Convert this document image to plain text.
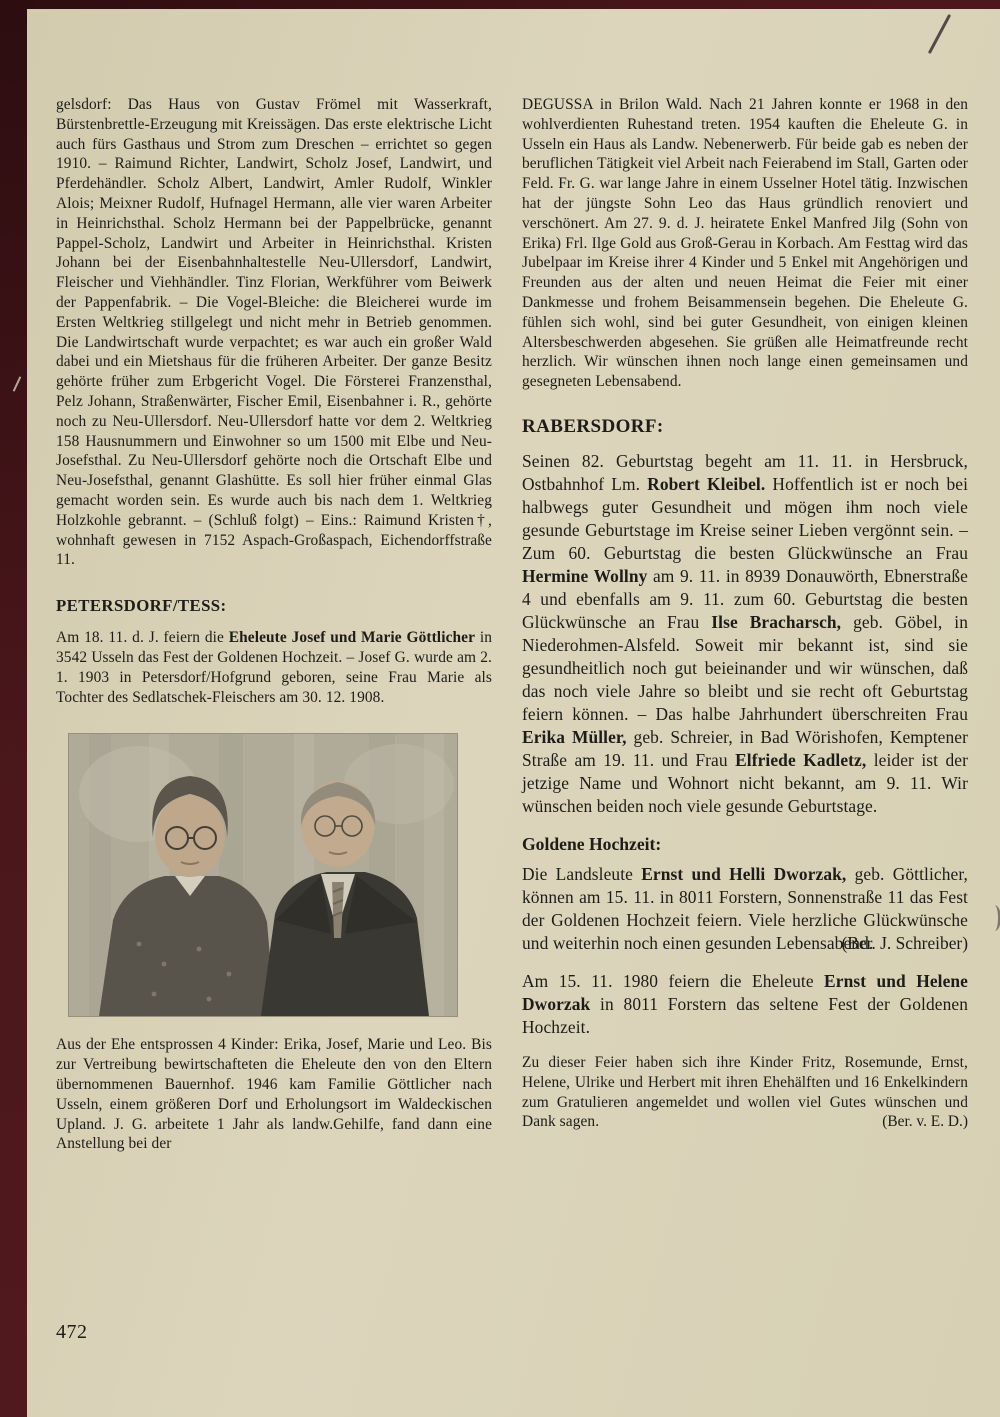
gelsdorf: Das Haus von Gustav Frömel mit Wasserkraft, Bürstenbrettle-Erzeugung mit Kreissägen. Das erste elektrische Licht auch fürs Gasthaus und Strom zum Dreschen – errichtet so gegen 1910. – Raimund Richter, Landwirt, Scholz Josef, Landwirt, und Pferdehändler. Scholz Albert, Landwirt, Amler Rudolf, Winkler Alois; Meixner Rudolf, Hufnagel Hermann, alle vier waren Arbeiter in Heinrichsthal. Scholz Hermann bei der Pappelbrücke, genannt Pappel-Scholz, Landwirt und Arbeiter in Heinrichsthal. Kristen Johann bei der Eisenbahnhaltestelle Neu-Ullersdorf, Landwirt, Fleischer und Viehhändler. Tinz Florian, Werkführer vom Beiwerk der Pappenfabrik. – Die Vogel-Bleiche: die Bleicherei wurde im Ersten Weltkrieg stillgelegt und nicht mehr in Betrieb genommen. Die Landwirtschaft wurde verpachtet; es war auch ein großer Wald dabei und ein Mietshaus für die früheren Arbeiter. Der ganze Besitz gehörte früher zum Erbgericht Vogel. Die Försterei Franzensthal, Pelz Johann, Straßenwärter, Fischer Emil, Eisenbahner i. R., gehörte noch zu Neu-Ullersdorf. Neu-Ullersdorf hatte vor dem 2. Weltkrieg 158 Hausnummern und Einwohner so um 1500 mit Elbe und Neu-Josefsthal. Zu Neu-Ullersdorf gehörte noch die Ortschaft Elbe und Neu-Josefsthal, genannt Glashütte. Es soll hier früher einmal Glas gemacht worden sein. Es wurde auch bis nach dem 1. Weltkrieg Holzkohle gebrannt. – (Schluß folgt) – Eins.: Raimund Kristen†, wohnhaft gewesen in 7152 Aspach-Großaspach, Eichendorffstraße 11.

PETERSDORF/TESS:

Am 18. 11. d. J. feiern die Eheleute Josef und Marie Göttlicher in 3542 Usseln das Fest der Goldenen Hochzeit. – Josef G. wurde am 2. 1. 1903 in Petersdorf/Hofgrund geboren, seine Frau Marie als Tochter des Sedlatschek-Fleischers am 30. 12. 1908.

Aus der Ehe entsprossen 4 Kinder: Erika, Josef, Marie und Leo. Bis zur Vertreibung bewirtschafteten die Eheleute den von den Eltern übernommenen Bauernhof. 1946 kam Familie Göttlicher nach Usseln, einem größeren Dorf und Erholungsort im Waldeckischen Upland. J. G. arbeitete 1 Jahr als landw.Gehilfe, fand dann eine Anstellung bei der

DEGUSSA in Brilon Wald. Nach 21 Jahren konnte er 1968 in den wohlverdienten Ruhestand treten. 1954 kauften die Eheleute G. in Usseln ein Haus als Landw. Nebenerwerb. Für beide gab es neben der beruflichen Tätigkeit viel Arbeit nach Feierabend im Stall, Garten oder Feld. Fr. G. war lange Jahre in einem Usselner Hotel tätig. Inzwischen hat der jüngste Sohn Leo das Haus gründlich renoviert und verschönert. Am 27. 9. d. J. heiratete Enkel Manfred Jilg (Sohn von Erika) Frl. Ilge Gold aus Groß-Gerau in Korbach. Am Festtag wird das Jubelpaar im Kreise ihrer 4 Kinder und 5 Enkel mit Angehörigen und Freunden aus der alten und neuen Heimat die Feier mit einer Dankmesse und frohem Beisammensein begehen. Die Eheleute G. fühlen sich wohl, sind bei guter Gesundheit, von einigen kleinen Altersbeschwerden abgesehen. Sie grüßen alle Heimatfreunde recht herzlich. Wir wünschen ihnen noch lange einen gemeinsamen und gesegneten Lebensabend.

RABERSDORF:

Seinen 82. Geburtstag begeht am 11. 11. in Hersbruck, Ostbahnhof Lm. Robert Kleibel. Hoffentlich ist er noch bei halbwegs guter Gesundheit und mögen ihm noch viele gesunde Geburtstage im Kreise seiner Lieben vergönnt sein. – Zum 60. Geburtstag die besten Glückwünsche an Frau Hermine Wollny am 9. 11. in 8939 Donauwörth, Ebnerstraße 4 und ebenfalls am 9. 11. zum 60. Geburtstag die besten Glückwünsche an Frau Ilse Bracharsch, geb. Göbel, in Niederohmen-Alsfeld. Soweit mir bekannt ist, sind sie gesundheitlich noch gut beieinander und wir wünschen, daß das noch viele Jahre so bleibt und sie recht oft Geburtstag feiern können. – Das halbe Jahrhundert überschreiten Frau Erika Müller, geb. Schreier, in Bad Wörishofen, Kemptener Straße am 19. 11. und Frau Elfriede Kadletz, leider ist der jetzige Name und Wohnort nicht bekannt, am 9. 11. Wir wünschen beiden noch viele gesunde Geburtstage.

Goldene Hochzeit:

Die Landsleute Ernst und Helli Dworzak, geb. Göttlicher, können am 15. 11. in 8011 Forstern, Sonnenstraße 11 das Fest der Goldenen Hochzeit feiern. Viele herzliche Glückwünsche und weiterhin noch einen gesunden Lebensabend.

(Ber. J. Schreiber)

Am 15. 11. 1980 feiern die Eheleute Ernst und Helene Dworzak in 8011 Forstern das seltene Fest der Goldenen Hochzeit.

Zu dieser Feier haben sich ihre Kinder Fritz, Rosemunde, Ernst, Helene, Ulrike und Herbert mit ihren Ehehälften und 16 Enkelkindern zum Gratulieren angemeldet und wollen viel Gutes wünschen und Dank sagen.	(Ber. v. E. D.)
472
